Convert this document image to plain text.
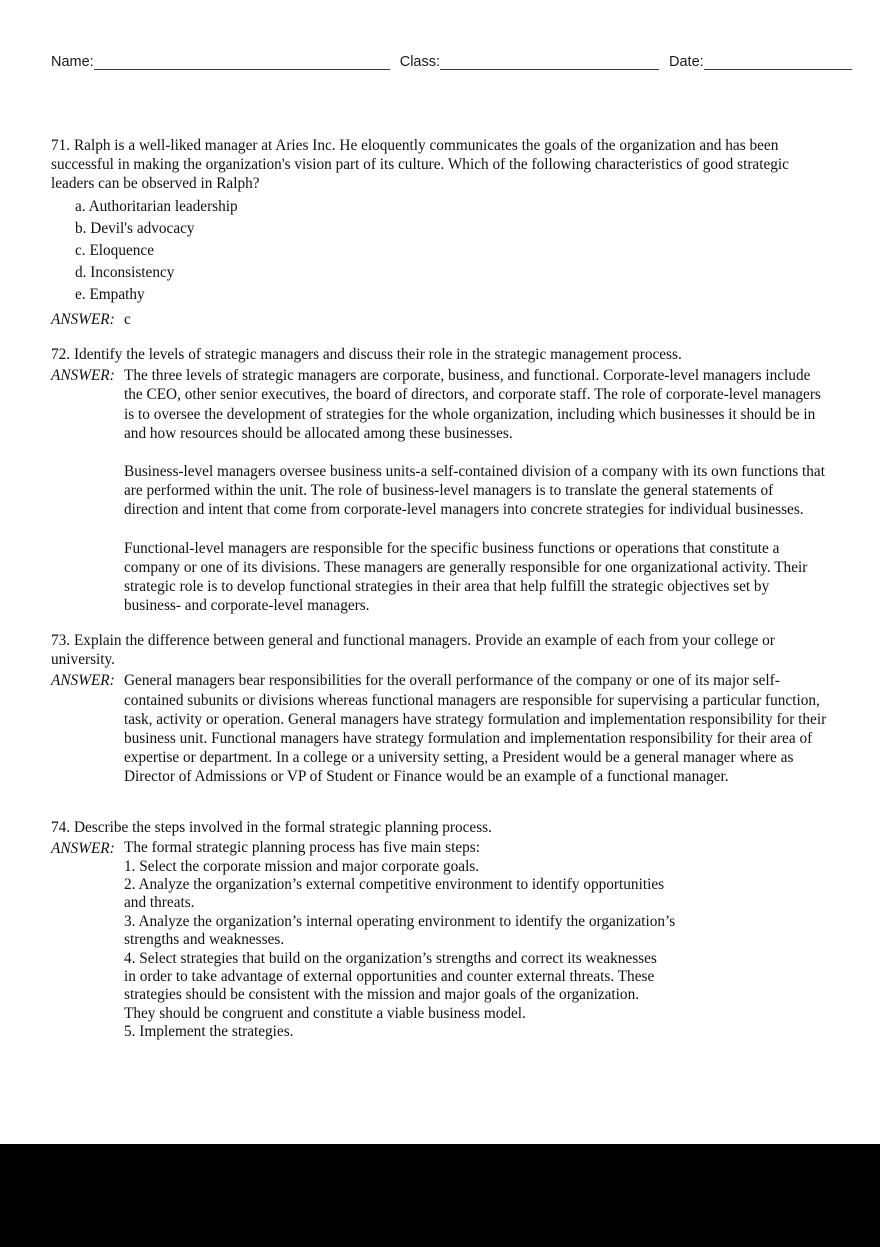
Name:	Class:	Date:
71. Ralph is a well-liked manager at Aries Inc. He eloquently communicates the goals of the organization and has been successful in making the organization's vision part of its culture. Which of the following characteristics of good strategic leaders can be observed in Ralph?
a. Authoritarian leadership
b. Devil's advocacy
c. Eloquence
d. Inconsistency
e. Empathy
ANSWER: c
72. Identify the levels of strategic managers and discuss their role in the strategic management process.
ANSWER: The three levels of strategic managers are corporate, business, and functional. Corporate-level managers include the CEO, other senior executives, the board of directors, and corporate staff. The role of corporate-level managers is to oversee the development of strategies for the whole organization, including which businesses it should be in and how resources should be allocated among these businesses.

Business-level managers oversee business units-a self-contained division of a company with its own functions that are performed within the unit. The role of business-level managers is to translate the general statements of direction and intent that come from corporate-level managers into concrete strategies for individual businesses.

Functional-level managers are responsible for the specific business functions or operations that constitute a company or one of its divisions. These managers are generally responsible for one organizational activity. Their strategic role is to develop functional strategies in their area that help fulfill the strategic objectives set by business- and corporate-level managers.

73. Explain the difference between general and functional managers. Provide an example of each from your college or university.
ANSWER: General managers bear responsibilities for the overall performance of the company or one of its major self-contained subunits or divisions whereas functional managers are responsible for supervising a particular function, task, activity or operation. General managers have strategy formulation and implementation responsibility for their business unit. Functional managers have strategy formulation and implementation responsibility for their area of expertise or department. In a college or a university setting, a President would be a general manager where as Director of Admissions or VP of Student or Finance would be an example of a functional manager.

74. Describe the steps involved in the formal strategic planning process.
ANSWER: The formal strategic planning process has five main steps:
1. Select the corporate mission and major corporate goals.
2. Analyze the organization’s external competitive environment to identify opportunities
and threats.
3. Analyze the organization’s internal operating environment to identify the organization’s
strengths and weaknesses.
4. Select strategies that build on the organization’s strengths and correct its weaknesses
in order to take advantage of external opportunities and counter external threats. These
strategies should be consistent with the mission and major goals of the organization.
They should be congruent and constitute a viable business model.
5. Implement the strategies.
